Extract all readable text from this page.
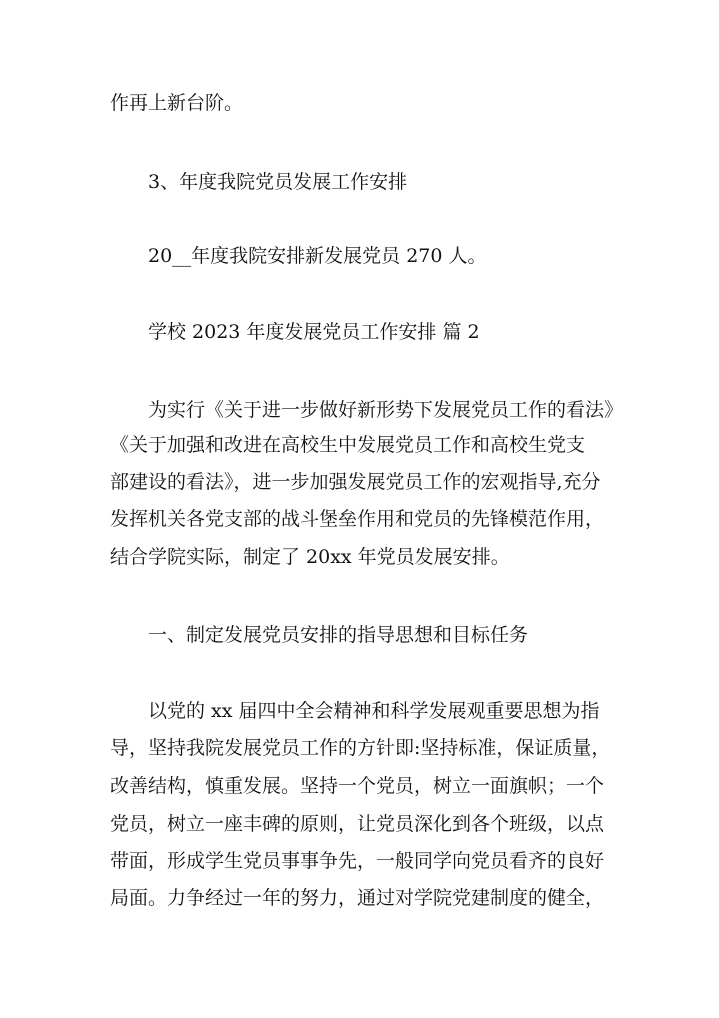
作再上新台阶。
3、年度我院党员发展工作安排
20__年度我院安排新发展党员 270 人。
学校 2023 年度发展党员工作安排 篇 2
为实行《关于进一步做好新形势下发展党员工作的看法》
《关于加强和改进在高校生中发展党员工作和高校生党支
部建设的看法》，进一步加强发展党员工作的宏观指导,充分
发挥机关各党支部的战斗堡垒作用和党员的先锋模范作用，
结合学院实际，制定了 20xx 年党员发展安排。
一、制定发展党员安排的指导思想和目标任务
以党的 xx 届四中全会精神和科学发展观重要思想为指
导，坚持我院发展党员工作的方针即:坚持标准，保证质量，
改善结构，慎重发展。坚持一个党员，树立一面旗帜；一个
党员，树立一座丰碑的原则，让党员深化到各个班级，以点
带面，形成学生党员事事争先，一般同学向党员看齐的良好
局面。力争经过一年的努力，通过对学院党建制度的健全，
